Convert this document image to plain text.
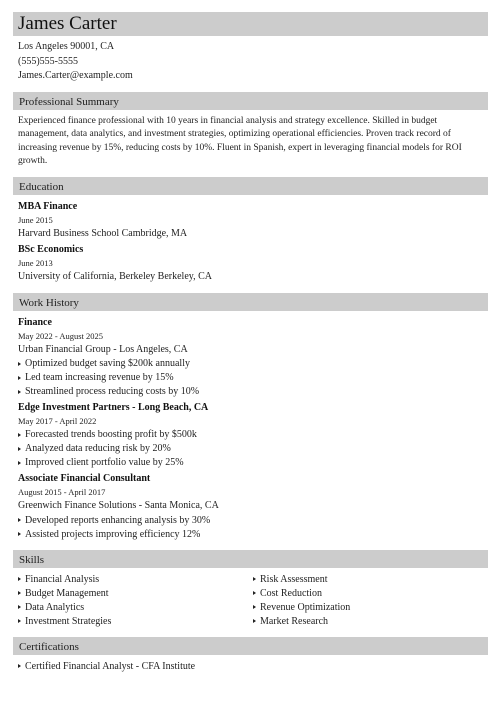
James Carter
Los Angeles 90001, CA
(555)555-5555
James.Carter@example.com
Professional Summary
Experienced finance professional with 10 years in financial analysis and strategy excellence. Skilled in budget management, data analytics, and investment strategies, optimizing operational efficiencies. Proven track record of increasing revenue by 15%, reducing costs by 10%. Fluent in Spanish, expert in leveraging financial models for ROI growth.
Education
MBA Finance
June 2015
Harvard Business School Cambridge, MA
BSc Economics
June 2013
University of California, Berkeley Berkeley, CA
Work History
Finance
May 2022 - August 2025
Urban Financial Group - Los Angeles, CA
Optimized budget saving $200k annually
Led team increasing revenue by 15%
Streamlined process reducing costs by 10%
Edge Investment Partners - Long Beach, CA
May 2017 - April 2022
Forecasted trends boosting profit by $500k
Analyzed data reducing risk by 20%
Improved client portfolio value by 25%
Associate Financial Consultant
August 2015 - April 2017
Greenwich Finance Solutions - Santa Monica, CA
Developed reports enhancing analysis by 30%
Assisted projects improving efficiency 12%
Skills
Financial Analysis
Budget Management
Data Analytics
Investment Strategies
Risk Assessment
Cost Reduction
Revenue Optimization
Market Research
Certifications
Certified Financial Analyst - CFA Institute
